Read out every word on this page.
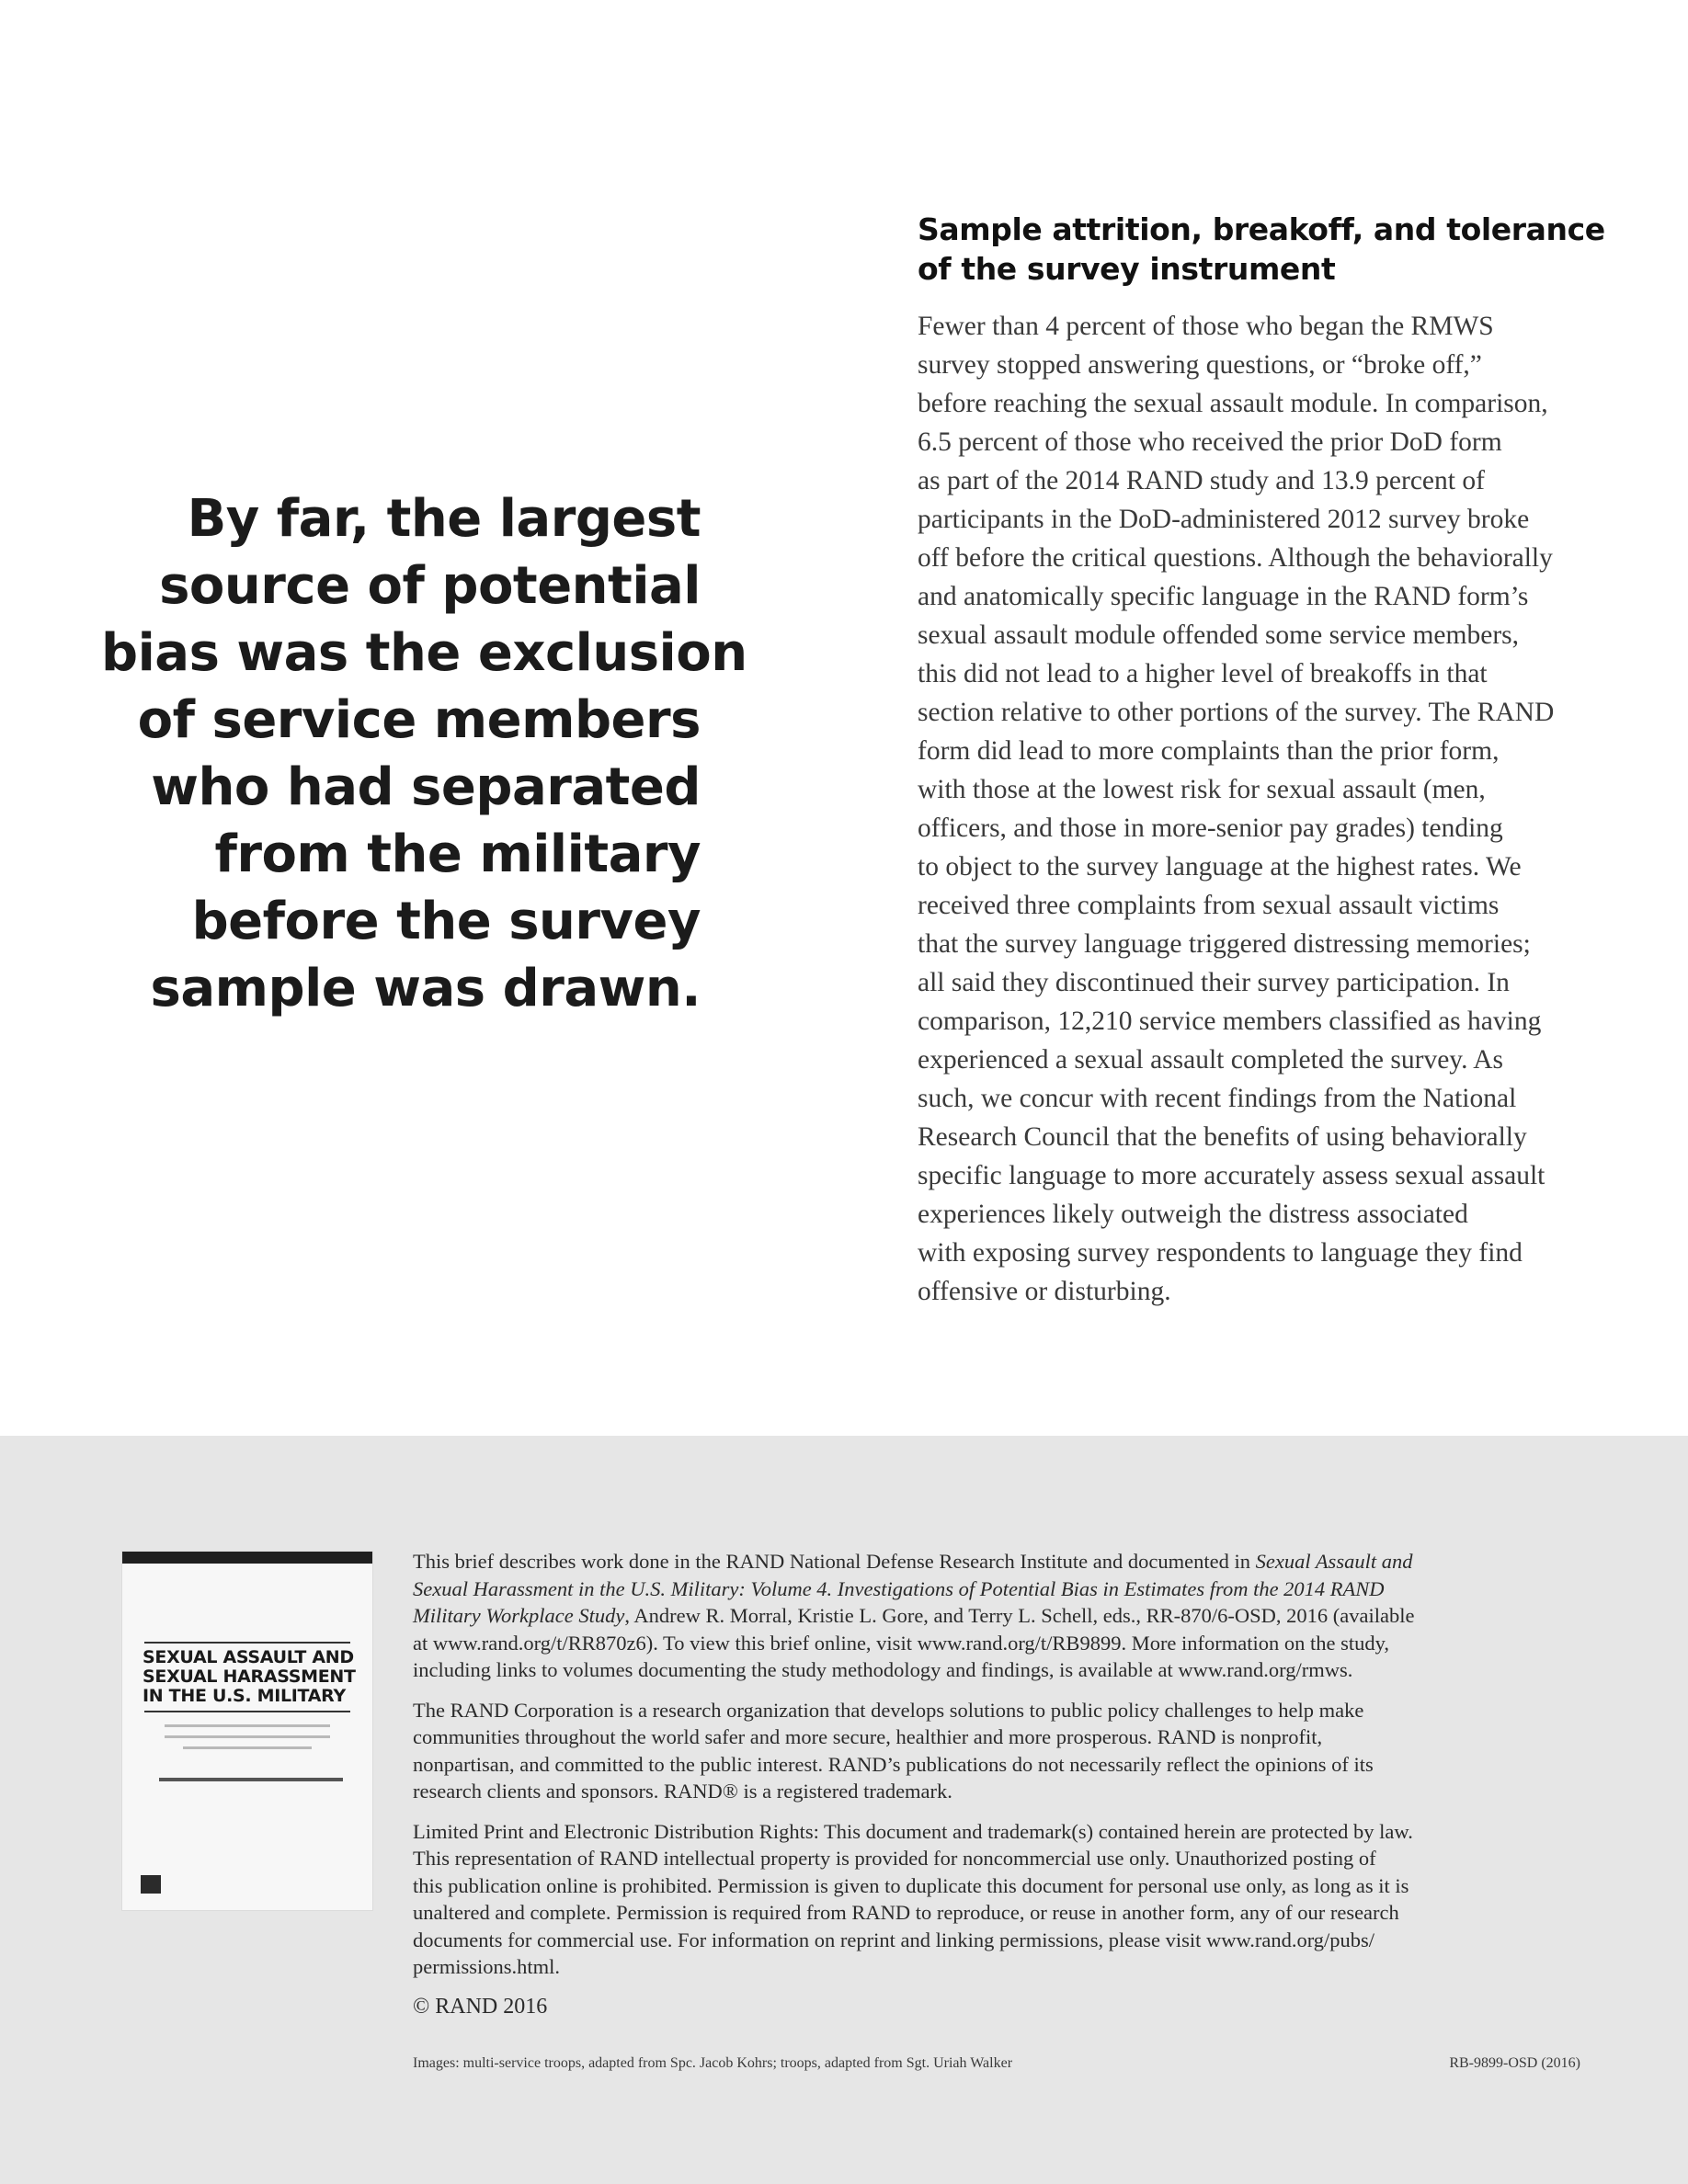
By far, the largest
source of potential
bias was the exclusion
of service members
who had separated
from the military
before the survey
sample was drawn.
Sample attrition, breakoff, and tolerance
of the survey instrument
Fewer than 4 percent of those who began the RMWS
survey stopped answering questions, or “broke off,”
before reaching the sexual assault module. In comparison,
6.5 percent of those who received the prior DoD form
as part of the 2014 RAND study and 13.9 percent of
participants in the DoD-administered 2012 survey broke
off before the critical questions. Although the behaviorally
and anatomically specific language in the RAND form’s
sexual assault module offended some service members,
this did not lead to a higher level of breakoffs in that
section relative to other portions of the survey. The RAND
form did lead to more complaints than the prior form,
with those at the lowest risk for sexual assault (men,
officers, and those in more-senior pay grades) tending
to object to the survey language at the highest rates. We
received three complaints from sexual assault victims
that the survey language triggered distressing memories;
all said they discontinued their survey participation. In
comparison, 12,210 service members classified as having
experienced a sexual assault completed the survey. As
such, we concur with recent findings from the National
Research Council that the benefits of using behaviorally
specific language to more accurately assess sexual assault
experiences likely outweigh the distress associated
with exposing survey respondents to language they find
offensive or disturbing.
SEXUAL ASSAULT AND
SEXUAL HARASSMENT
IN THE U.S. MILITARY

This brief describes work done in the RAND National Defense Research Institute and documented in Sexual Assault and
Sexual Harassment in the U.S. Military: Volume 4. Investigations of Potential Bias in Estimates from the 2014 RAND
Military Workplace Study, Andrew R. Morral, Kristie L. Gore, and Terry L. Schell, eds., RR-870/6-OSD, 2016 (available
at www.rand.org/t/RR870z6). To view this brief online, visit www.rand.org/t/RB9899. More information on the study,
including links to volumes documenting the study methodology and findings, is available at www.rand.org/rmws.

The RAND Corporation is a research organization that develops solutions to public policy challenges to help make
communities throughout the world safer and more secure, healthier and more prosperous. RAND is nonprofit,
nonpartisan, and committed to the public interest. RAND’s publications do not necessarily reflect the opinions of its
research clients and sponsors. RAND® is a registered trademark.

Limited Print and Electronic Distribution Rights: This document and trademark(s) contained herein are protected by law.
This representation of RAND intellectual property is provided for noncommercial use only. Unauthorized posting of
this publication online is prohibited. Permission is given to duplicate this document for personal use only, as long as it is
unaltered and complete. Permission is required from RAND to reproduce, or reuse in another form, any of our research
documents for commercial use. For information on reprint and linking permissions, please visit www.rand.org/pubs/
permissions.html.

© RAND 2016

Images: multi-service troops, adapted from Spc. Jacob Kohrs; troops, adapted from Sgt. Uriah Walker	RB-9899-OSD (2016)
